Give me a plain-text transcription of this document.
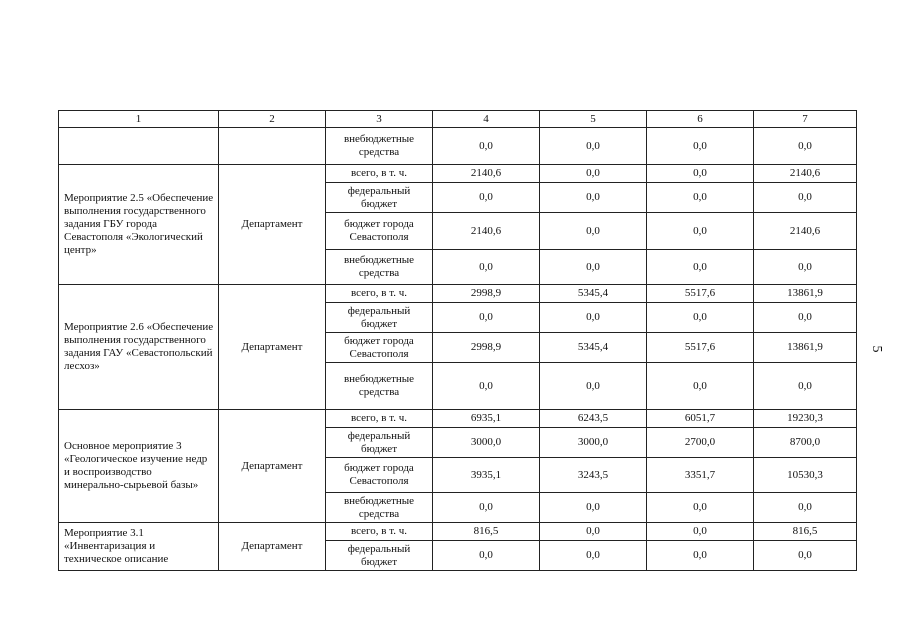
1	2	3	4	5	6	7
		внебюджетные средства	0,0	0,0	0,0	0,0
Мероприятие 2.5 «Обеспечение выполнения государственного задания ГБУ города Севастополя «Экологический центр»	Департамент	всего, в т. ч.	2140,6	0,0	0,0	2140,6
		федеральный бюджет	0,0	0,0	0,0	0,0
		бюджет города Севастополя	2140,6	0,0	0,0	2140,6
		внебюджетные средства	0,0	0,0	0,0	0,0
Мероприятие 2.6 «Обеспечение выполнения государственного задания ГАУ «Севастопольский лесхоз»	Департамент	всего, в т. ч.	2998,9	5345,4	5517,6	13861,9
		федеральный бюджет	0,0	0,0	0,0	0,0
		бюджет города Севастополя	2998,9	5345,4	5517,6	13861,9
		внебюджетные средства	0,0	0,0	0,0	0,0
Основное мероприятие 3 «Геологическое изучение недр и воспроизводство минерально-сырьевой базы»	Департамент	всего, в т. ч.	6935,1	6243,5	6051,7	19230,3
		федеральный бюджет	3000,0	3000,0	2700,0	8700,0
		бюджет города Севастополя	3935,1	3243,5	3351,7	10530,3
		внебюджетные средства	0,0	0,0	0,0	0,0
Мероприятие 3.1 «Инвентаризация и техническое описание	Департамент	всего, в т. ч.	816,5	0,0	0,0	816,5
		федеральный бюджет	0,0	0,0	0,0	0,0
5
